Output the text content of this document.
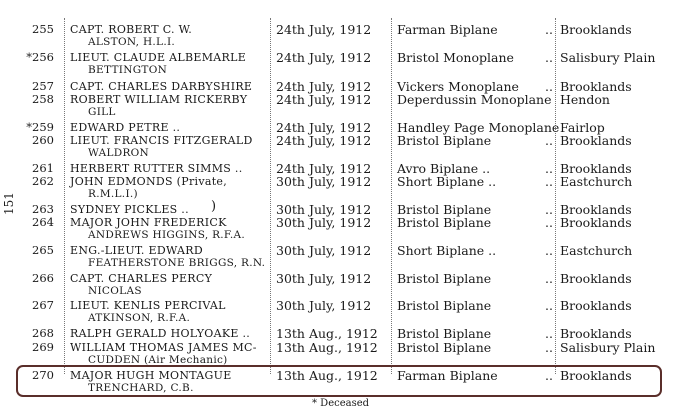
151	)
255 CAPT. ROBERT C. W.
ALSTON, H.L.I.
24th July, 1912	Farman Biplane	.. Brooklands
*256 LIEUT. CLAUDE ALBEMARLE
BETTINGTON
24th July, 1912	Bristol Monoplane .. Salisbury Plain
257 CAPT. CHARLES DARBYSHIRE	24th July, 1912	Vickers Monoplane .. Brooklands
258 ROBERT WILLIAM RICKERBY
GILL
24th July, 1912	Deperdussin Monoplane Hendon
*259 EDWARD PETRE ..	24th July, 1912	Handley Page Monoplane Fairlop
260 LIEUT. FRANCIS FITZGERALD
WALDRON
24th July, 1912	Bristol Biplane	.. Brooklands
261 HERBERT RUTTER SIMMS ..	24th July, 1912	Avro Biplane ..	.. Brooklands
262 JOHN EDMONDS (Private,
R.M.L.I.)
30th July, 1912	Short Biplane ..	.. Eastchurch
263 SYDNEY PICKLES ..	30th July, 1912	Bristol Biplane	.. Brooklands
264 MAJOR JOHN FREDERICK
ANDREWS HIGGINS, R.F.A.
30th July, 1912	Bristol Biplane	.. Brooklands
265 ENG.-LIEUT. EDWARD
FEATHERSTONE BRIGGS, R.N.
30th July, 1912	Short Biplane ..	.. Eastchurch
266 CAPT. CHARLES PERCY
NICOLAS
30th July, 1912	Bristol Biplane	.. Brooklands
267 LIEUT. KENLIS PERCIVAL
ATKINSON, R.F.A.
30th July, 1912	Bristol Biplane	.. Brooklands
268 RALPH GERALD HOLYOAKE ..	13th Aug., 1912	Bristol Biplane	.. Brooklands
269 WILLIAM THOMAS JAMES MC-
CUDDEN (Air Mechanic)
13th Aug., 1912	Bristol Biplane	.. Salisbury Plain
270 MAJOR HUGH MONTAGUE
TRENCHARD, C.B.
13th Aug., 1912	Farman Biplane	.. Brooklands
* Deceased
